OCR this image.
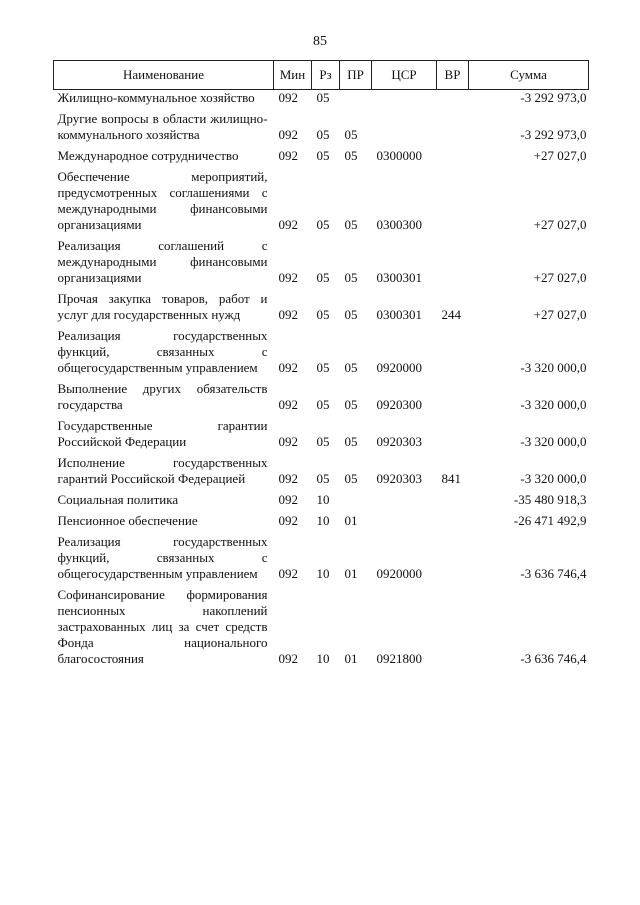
85
Наименование	Мин	Рз	ПР	ЦСР	ВР	Сумма
Жилищно-коммунальное хозяйство	092	05				-3 292 973,0
Другие вопросы в области жилищно-коммунального хозяйства	092	05	05			-3 292 973,0
Международное сотрудничество	092	05	05	0300000		+27 027,0
Обеспечение мероприятий, предусмотренных соглашениями с международными финансовыми организациями	092	05	05	0300300		+27 027,0
Реализация соглашений с международными финансовыми организациями	092	05	05	0300301		+27 027,0
Прочая закупка товаров, работ и услуг для государственных нужд	092	05	05	0300301	244	+27 027,0
Реализация государственных функций, связанных с общегосударственным управлением	092	05	05	0920000		-3 320 000,0
Выполнение других обязательств государства	092	05	05	0920300		-3 320 000,0
Государственные гарантии Российской Федерации	092	05	05	0920303		-3 320 000,0
Исполнение государственных гарантий Российской Федерацией	092	05	05	0920303	841	-3 320 000,0
Социальная политика	092	10				-35 480 918,3
Пенсионное обеспечение	092	10	01			-26 471 492,9
Реализация государственных функций, связанных с общегосударственным управлением	092	10	01	0920000		-3 636 746,4
Софинансирование формирования пенсионных накоплений застрахованных лиц за счет средств Фонда национального благосостояния	092	10	01	0921800		-3 636 746,4
